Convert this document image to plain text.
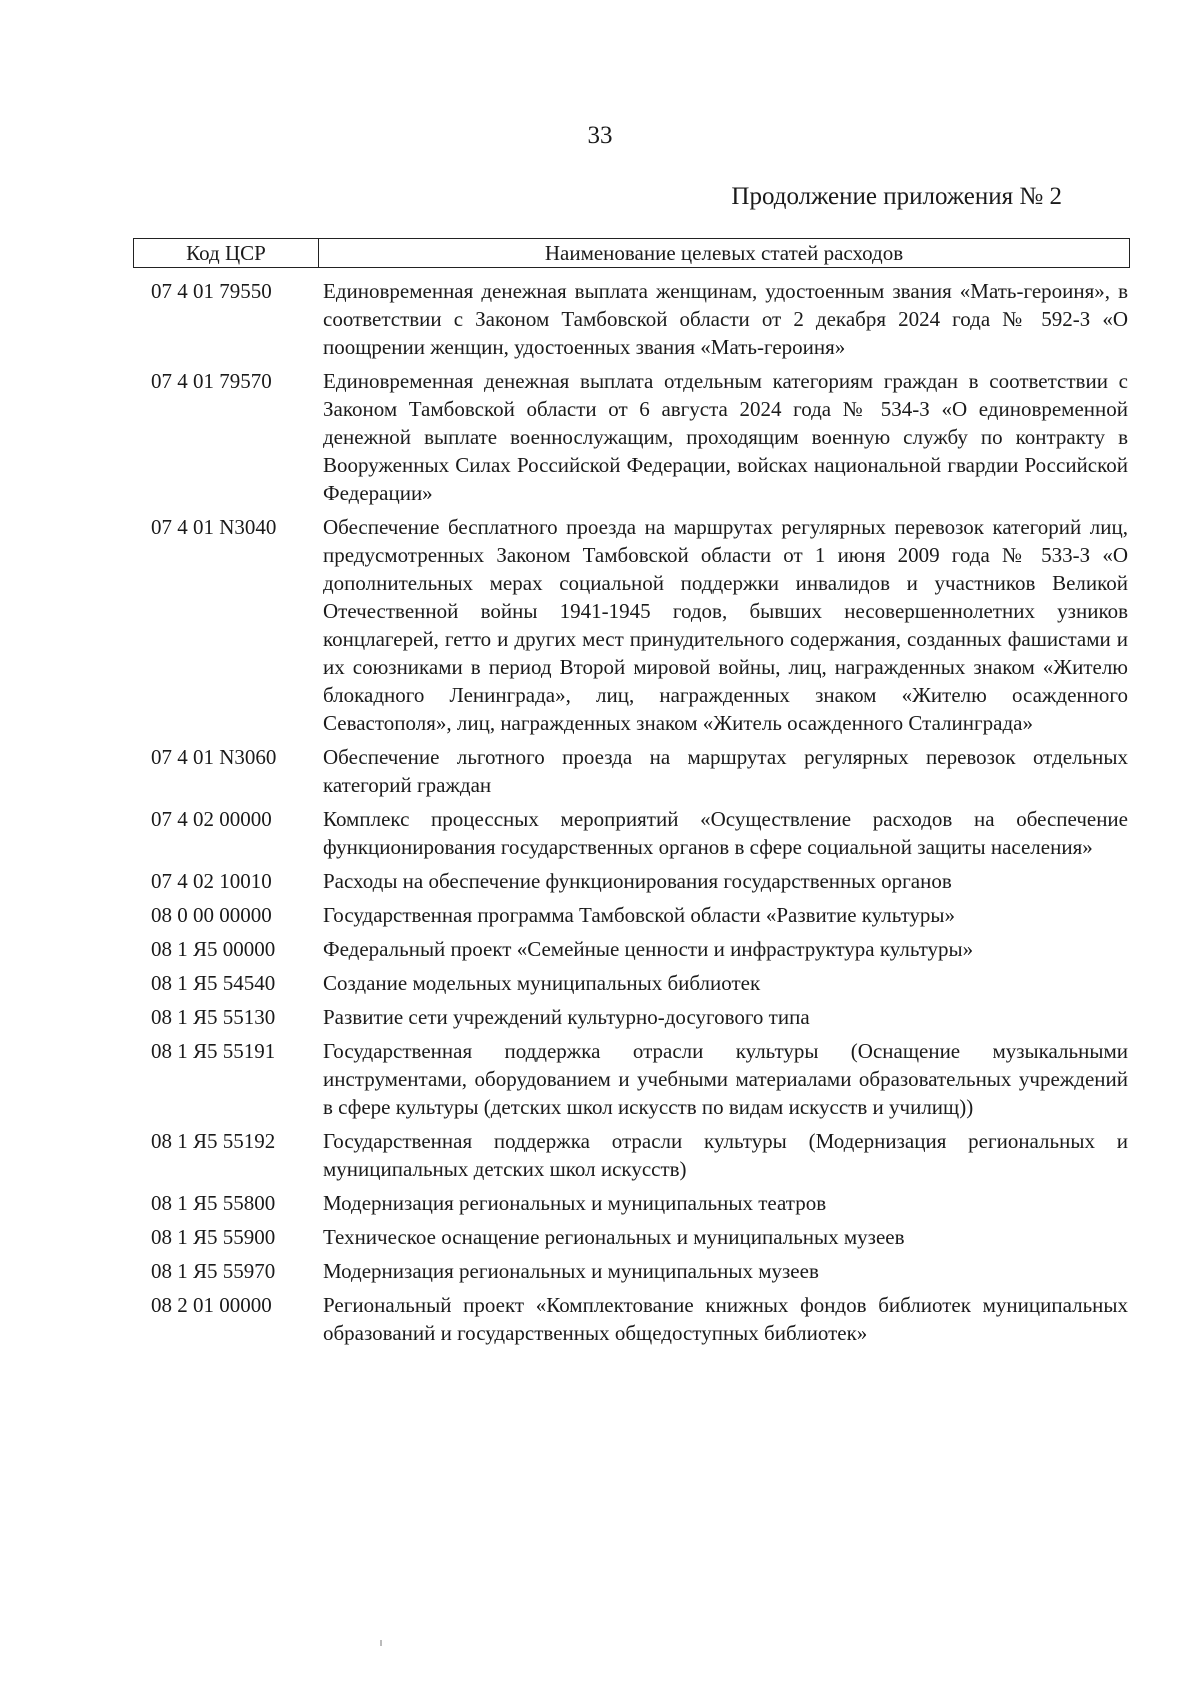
33
Продолжение приложения № 2
Код ЦСР	Наименование целевых статей расходов
07 4 01 79550	Единовременная денежная выплата женщинам, удостоенным звания «Мать-героиня», в соответствии с Законом Тамбовской области от 2 декабря 2024 года № 592-З «О поощрении женщин, удостоенных звания «Мать-героиня»
07 4 01 79570	Единовременная денежная выплата отдельным категориям граждан в соответствии с Законом Тамбовской области от 6 августа 2024 года № 534-З «О единовременной денежной выплате военнослужащим, проходящим военную службу по контракту в Вооруженных Силах Российской Федерации, войсках национальной гвардии Российской Федерации»
07 4 01 N3040	Обеспечение бесплатного проезда на маршрутах регулярных перевозок категорий лиц, предусмотренных Законом Тамбовской области от 1 июня 2009 года № 533-З «О дополнительных мерах социальной поддержки инвалидов и участников Великой Отечественной войны 1941-1945 годов, бывших несовершеннолетних узников концлагерей, гетто и других мест принудительного содержания, созданных фашистами и их союзниками в период Второй мировой войны, лиц, награжденных знаком «Жителю блокадного Ленинграда», лиц, награжденных знаком «Жителю осажденного Севастополя», лиц, награжденных знаком «Житель осажденного Сталинграда»
07 4 01 N3060	Обеспечение льготного проезда на маршрутах регулярных перевозок отдельных категорий граждан
07 4 02 00000	Комплекс процессных мероприятий «Осуществление расходов на обеспечение функционирования государственных органов в сфере социальной защиты населения»
07 4 02 10010	Расходы на обеспечение функционирования государственных органов
08 0 00 00000	Государственная программа Тамбовской области «Развитие культуры»
08 1 Я5 00000	Федеральный проект «Семейные ценности и инфраструктура культуры»
08 1 Я5 54540	Создание модельных муниципальных библиотек
08 1 Я5 55130	Развитие сети учреждений культурно-досугового типа
08 1 Я5 55191	Государственная поддержка отрасли культуры (Оснащение музыкальными инструментами, оборудованием и учебными материалами образовательных учреждений в сфере культуры (детских школ искусств по видам искусств и училищ))
08 1 Я5 55192	Государственная поддержка отрасли культуры (Модернизация региональных и муниципальных детских школ искусств)
08 1 Я5 55800	Модернизация региональных и муниципальных театров
08 1 Я5 55900	Техническое оснащение региональных и муниципальных музеев
08 1 Я5 55970	Модернизация региональных и муниципальных музеев
08 2 01 00000	Региональный проект «Комплектование книжных фондов библиотек муниципальных образований и государственных общедоступных библиотек»
